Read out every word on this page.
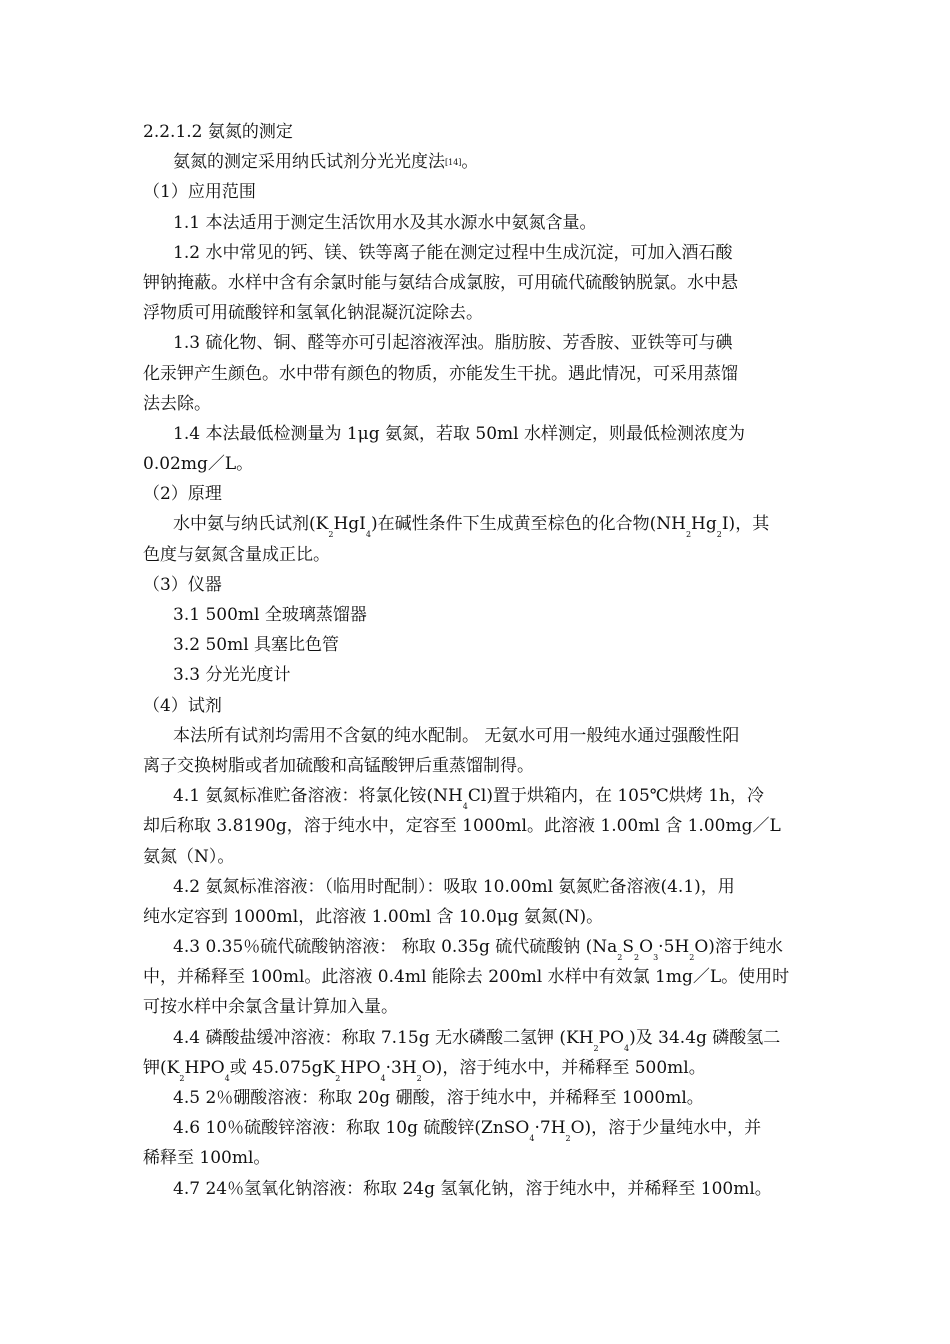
2.2.1.2 氨氮的测定
氨氮的测定采用纳氏试剂分光光度法[14]。
（1）应用范围
1.1 本法适用于测定生活饮用水及其水源水中氨氮含量。
1.2 水中常见的钙、镁、铁等离子能在测定过程中生成沉淀，可加入酒石酸
钾钠掩蔽。水样中含有余氯时能与氨结合成氯胺，可用硫代硫酸钠脱氯。水中悬
浮物质可用硫酸锌和氢氧化钠混凝沉淀除去。
1.3 硫化物、铜、醛等亦可引起溶液浑浊。脂肪胺、芳香胺、亚铁等可与碘
化汞钾产生颜色。水中带有颜色的物质，亦能发生干扰。遇此情况，可采用蒸馏
法去除。
1.4 本法最低检测量为 1μg 氨氮，若取 50ml 水样测定，则最低检测浓度为
0.02mg／L。
（2）原理
水中氨与纳氏试剂$(K_2HgI_4)$在碱性条件下生成黄至棕色的化合物$(NH_2Hg_2I)$，其
色度与氨氮含量成正比。
（3）仪器
3.1 500ml 全玻璃蒸馏器
3.2 50ml 具塞比色管
3.3 分光光度计
（4）试剂
本法所有试剂均需用不含氨的纯水配制。 无氨水可用一般纯水通过强酸性阳
离子交换树脂或者加硫酸和高锰酸钾后重蒸馏制得。
4.1 氨氮标准贮备溶液：将氯化铵$(NH_4Cl)$置于烘箱内，在 105℃烘烤 1h，冷
却后称取 3.8190g，溶于纯水中，定容至 1000ml。此溶液 1.00ml 含 1.00mg／L
氨氮（N）。
4.2 氨氮标准溶液：（临用时配制）：吸取 10.00ml 氨氮贮备溶液(4.1)，用
纯水定容到 1000ml，此溶液 1.00ml 含 10.0μg 氨氮(N)。
4.3 0.35％硫代硫酸钠溶液： 称取 0.35g 硫代硫酸钠 $(Na_2S_2O_3\cdot 5H_2O)$溶于纯水
中，并稀释至 100ml。此溶液 0.4ml 能除去 200ml 水样中有效氯 1mg／L。使用时
可按水样中余氯含量计算加入量。
4.4 磷酸盐缓冲溶液：称取 7.15g 无水磷酸二氢钾 $(KH_2PO_4)$及 34.4g 磷酸氢二
钾($K_2HPO_4$或 $45.075gK_2HPO_4\cdot 3H_2O$)，溶于纯水中，并稀释至 500ml。
4.5 2％硼酸溶液：称取 20g 硼酸，溶于纯水中，并稀释至 1000ml。
4.6 10％硫酸锌溶液：称取 10g 硫酸锌$(ZnSO_4\cdot 7H_2O)$，溶于少量纯水中，并
稀释至 100ml。
4.7 24％氢氧化钠溶液：称取 24g 氢氧化钠，溶于纯水中，并稀释至 100ml。
